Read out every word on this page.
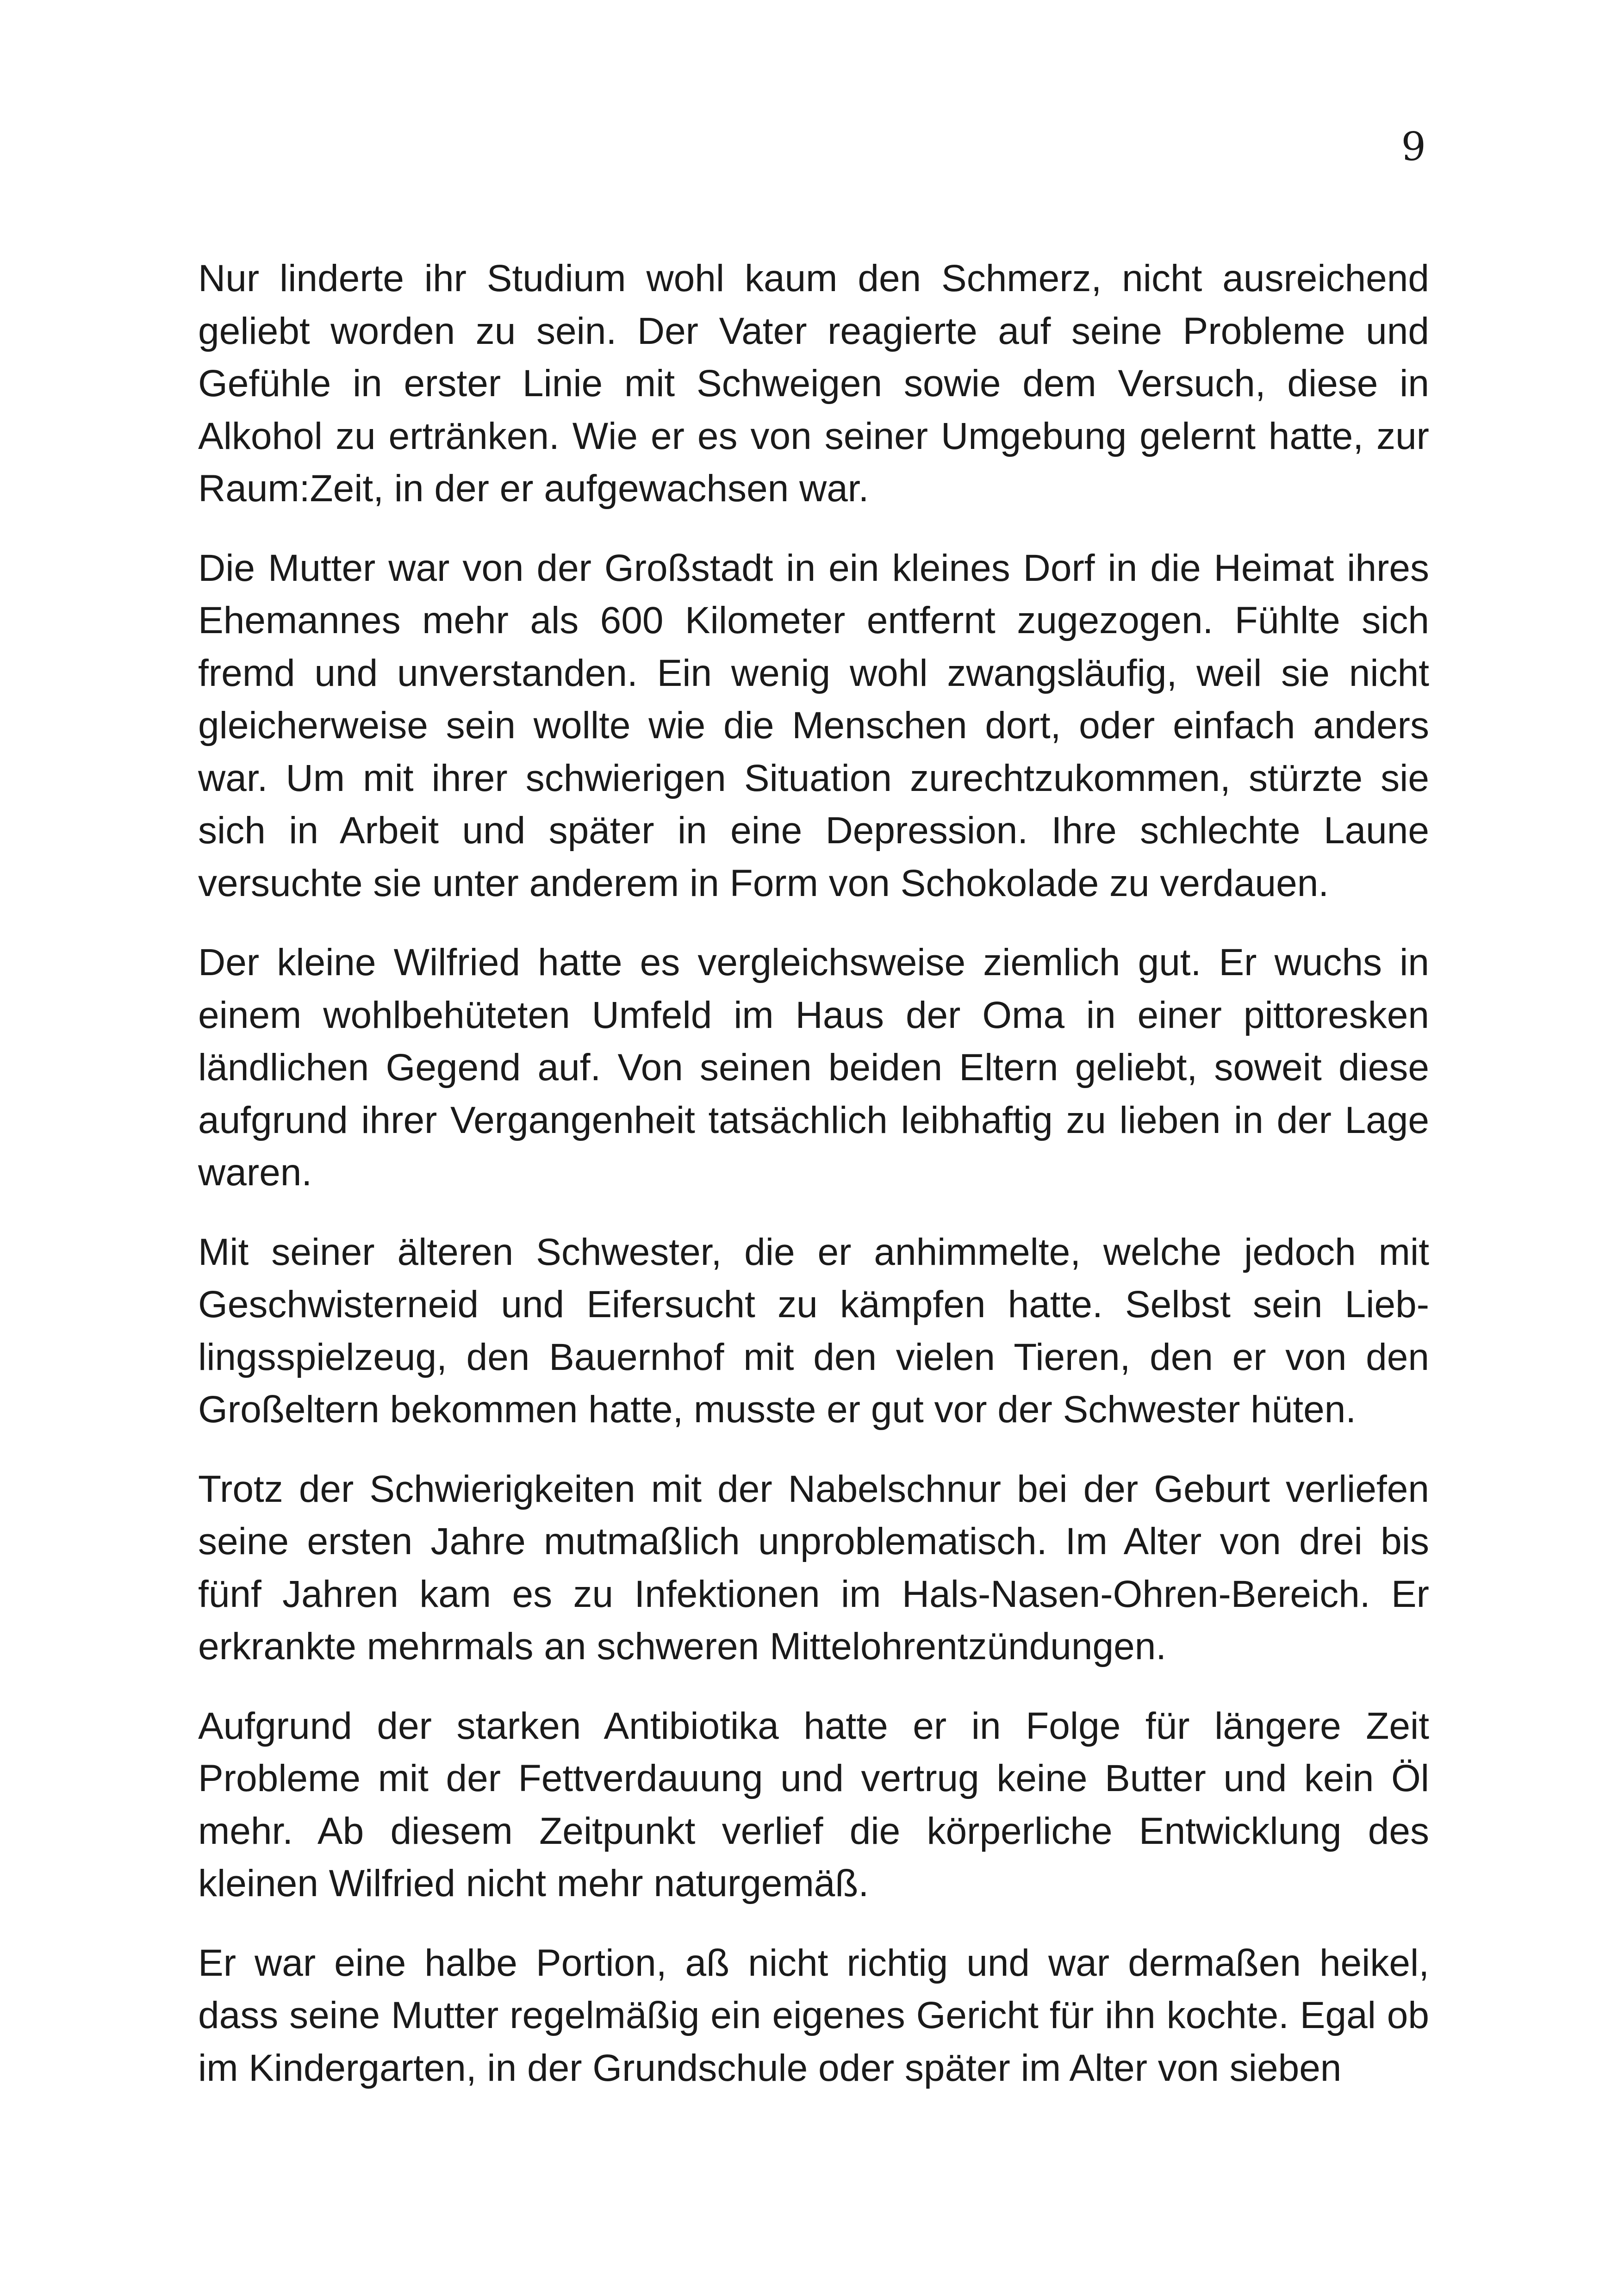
9

Nur linderte ihr Studium wohl kaum den Schmerz, nicht ausreichend geliebt worden zu sein. Der Vater reagierte auf seine Probleme und Gefühle in erster Linie mit Schweigen sowie dem Versuch, diese in Alkohol zu ertränken. Wie er es von seiner Umgebung gelernt hatte, zur Raum:Zeit, in der er aufgewachsen war.

Die Mutter war von der Großstadt in ein kleines Dorf in die Heimat ihres Ehemannes mehr als 600 Kilometer entfernt zugezogen. Fühlte sich fremd und unverstanden. Ein wenig wohl zwangsläufig, weil sie nicht gleicherweise sein wollte wie die Menschen dort, oder einfach anders war. Um mit ihrer schwierigen Situation zurechtzukommen, stürzte sie sich in Arbeit und später in eine Depression. Ihre schlechte Laune versuchte sie unter anderem in Form von Schokolade zu verdauen.

Der kleine Wilfried hatte es vergleichsweise ziemlich gut. Er wuchs in einem wohlbehüteten Umfeld im Haus der Oma in einer pittoresken ländlichen Gegend auf. Von seinen beiden Eltern geliebt, soweit diese aufgrund ihrer Vergangenheit tatsächlich leibhaftig zu lieben in der Lage waren.

Mit seiner älteren Schwester, die er anhimmelte, welche jedoch mit Geschwisterneid und Eifersucht zu kämpfen hatte. Selbst sein Lieblingsspielzeug, den Bauernhof mit den vielen Tieren, den er von den Großeltern bekommen hatte, musste er gut vor der Schwester hüten.

Trotz der Schwierigkeiten mit der Nabelschnur bei der Geburt verliefen seine ersten Jahre mutmaßlich unproblematisch. Im Alter von drei bis fünf Jahren kam es zu Infektionen im Hals-Nasen-Ohren-Bereich. Er erkrankte mehrmals an schweren Mittelohrentzündungen.

Aufgrund der starken Antibiotika hatte er in Folge für längere Zeit Probleme mit der Fettverdauung und vertrug keine Butter und kein Öl mehr. Ab diesem Zeitpunkt verlief die körperliche Entwicklung des kleinen Wilfried nicht mehr naturgemäß.

Er war eine halbe Portion, aß nicht richtig und war dermaßen heikel, dass seine Mutter regelmäßig ein eigenes Gericht für ihn kochte. Egal ob im Kindergarten, in der Grundschule oder später im Alter von sieben
